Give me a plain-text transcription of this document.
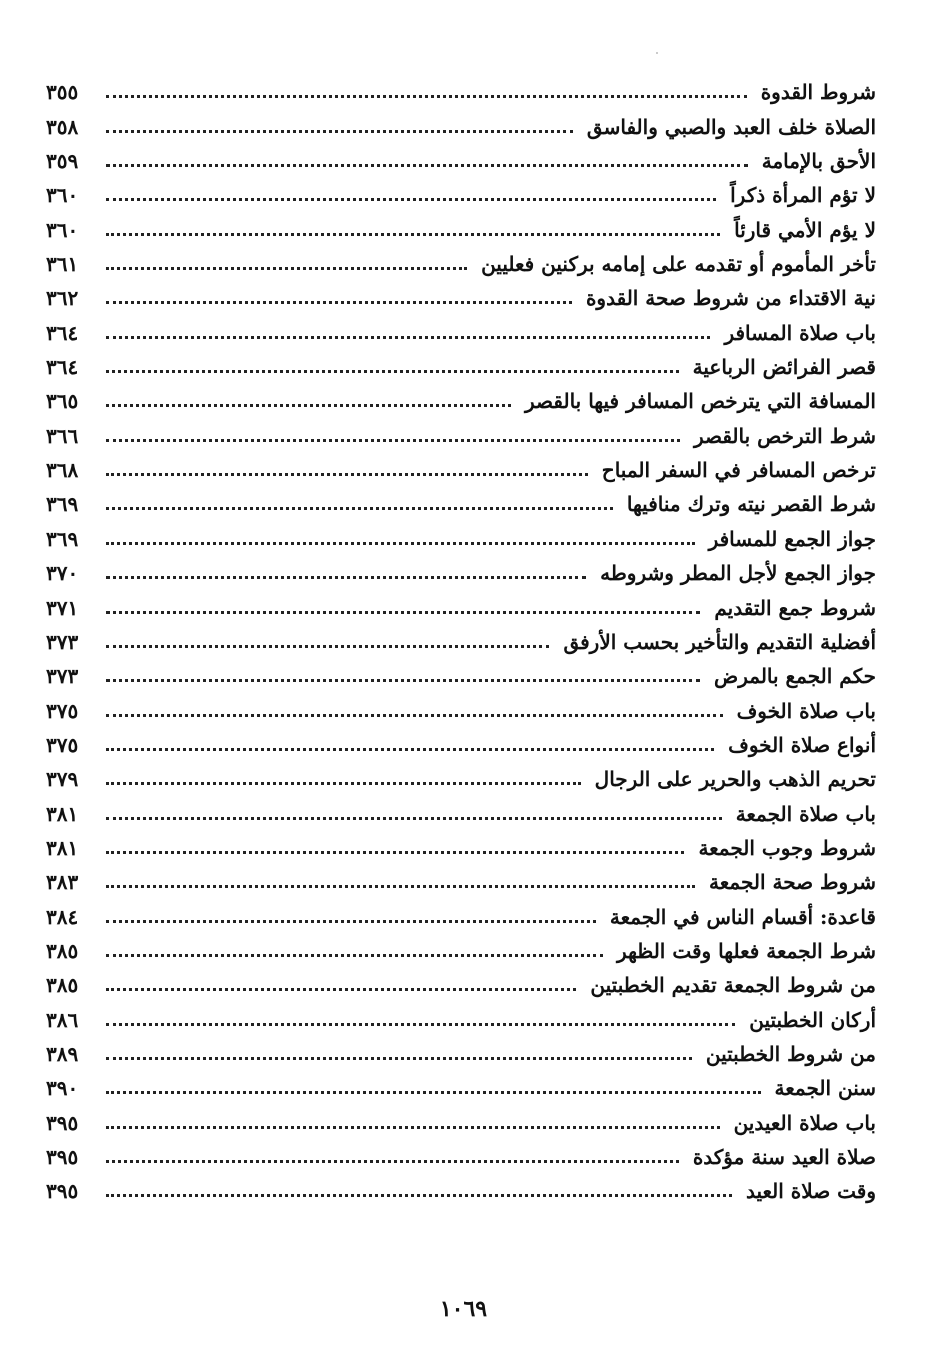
شروط القدوة
٣٥٥
الصلاة خلف العبد والصبي والفاسق
٣٥٨
الأحق بالإمامة
٣٥٩
لا تؤم المرأة ذكراً
٣٦٠
لا يؤم الأمي قارئاً
٣٦٠
تأخر المأموم أو تقدمه على إمامه بركنين فعليين
٣٦١
نية الاقتداء من شروط صحة القدوة
٣٦٢
باب صلاة المسافر
٣٦٤
قصر الفرائض الرباعية
٣٦٤
المسافة التي يترخص المسافر فيها بالقصر
٣٦٥
شرط الترخص بالقصر
٣٦٦
ترخص المسافر في السفر المباح
٣٦٨
شرط القصر نيته وترك منافيها
٣٦٩
جواز الجمع للمسافر
٣٦٩
جواز الجمع لأجل المطر وشروطه
٣٧٠
شروط جمع التقديم
٣٧١
أفضلية التقديم والتأخير بحسب الأرفق
٣٧٣
حكم الجمع بالمرض
٣٧٣
باب صلاة الخوف
٣٧٥
أنواع صلاة الخوف
٣٧٥
تحريم الذهب والحرير على الرجال
٣٧٩
باب صلاة الجمعة
٣٨١
شروط وجوب الجمعة
٣٨١
شروط صحة الجمعة
٣٨٣
قاعدة: أقسام الناس في الجمعة
٣٨٤
شرط الجمعة فعلها وقت الظهر
٣٨٥
من شروط الجمعة تقديم الخطبتين
٣٨٥
أركان الخطبتين
٣٨٦
من شروط الخطبتين
٣٨٩
سنن الجمعة
٣٩٠
باب صلاة العيدين
٣٩٥
صلاة العيد سنة مؤكدة
٣٩٥
وقت صلاة العيد
٣٩٥
١٠٦٩
